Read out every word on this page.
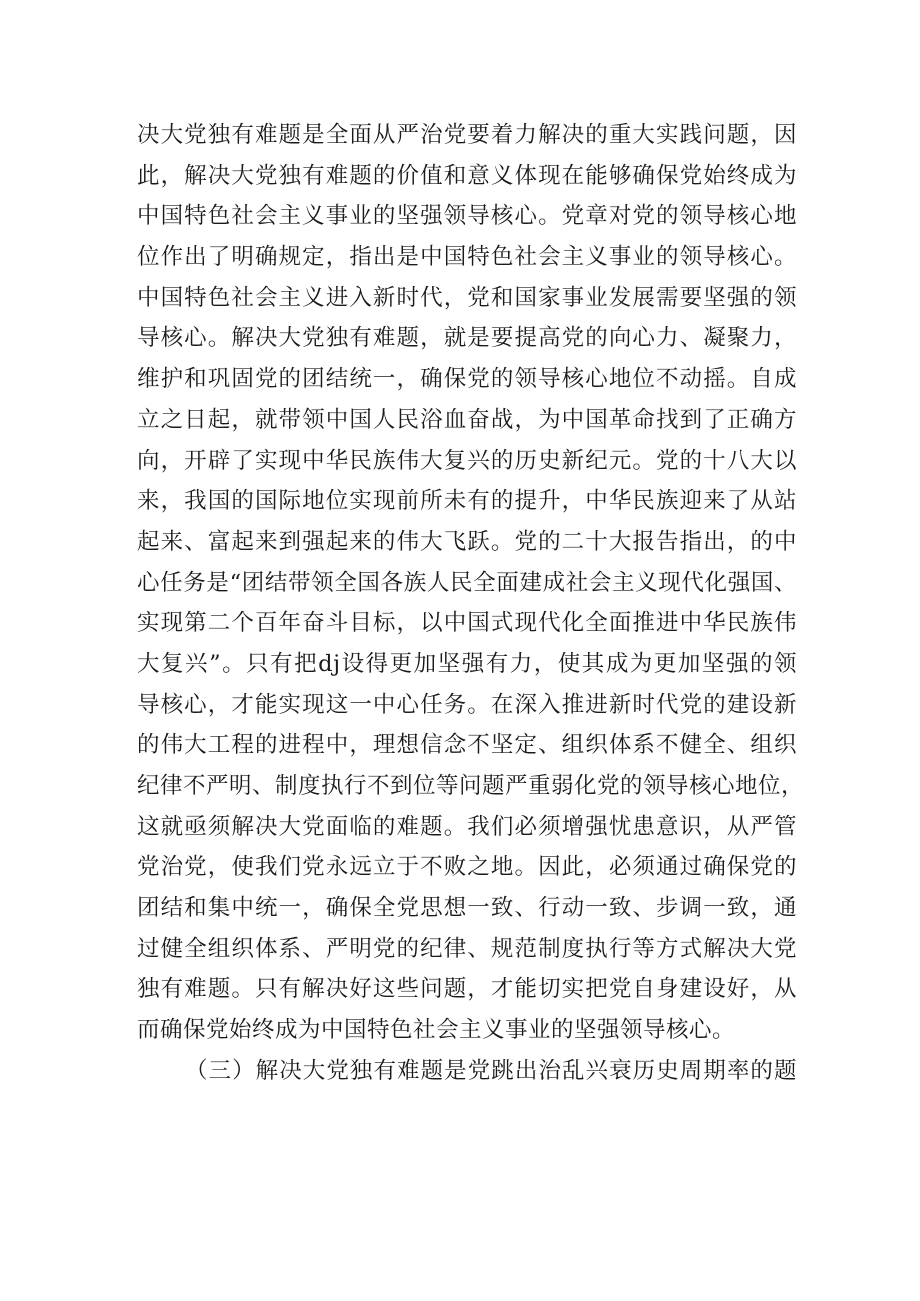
决大党独有难题是全面从严治党要着力解决的重大实践问题，因
此，解决大党独有难题的价值和意义体现在能够确保党始终成为
中国特色社会主义事业的坚强领导核心。党章对党的领导核心地
位作出了明确规定，指出是中国特色社会主义事业的领导核心。
中国特色社会主义进入新时代，党和国家事业发展需要坚强的领
导核心。解决大党独有难题，就是要提高党的向心力、凝聚力，
维护和巩固党的团结统一，确保党的领导核心地位不动摇。自成
立之日起，就带领中国人民浴血奋战，为中国革命找到了正确方
向，开辟了实现中华民族伟大复兴的历史新纪元。党的十八大以
来，我国的国际地位实现前所未有的提升，中华民族迎来了从站
起来、富起来到强起来的伟大飞跃。党的二十大报告指出，的中
心任务是“团结带领全国各族人民全面建成社会主义现代化强国、
实现第二个百年奋斗目标，以中国式现代化全面推进中华民族伟
大复兴”。只有把dj设得更加坚强有力，使其成为更加坚强的领
导核心，才能实现这一中心任务。在深入推进新时代党的建设新
的伟大工程的进程中，理想信念不坚定、组织体系不健全、组织
纪律不严明、制度执行不到位等问题严重弱化党的领导核心地位，
这就亟须解决大党面临的难题。我们必须增强忧患意识，从严管
党治党，使我们党永远立于不败之地。因此，必须通过确保党的
团结和集中统一，确保全党思想一致、行动一致、步调一致，通
过健全组织体系、严明党的纪律、规范制度执行等方式解决大党
独有难题。只有解决好这些问题，才能切实把党自身建设好，从
而确保党始终成为中国特色社会主义事业的坚强领导核心。
（三）解决大党独有难题是党跳出治乱兴衰历史周期率的题
